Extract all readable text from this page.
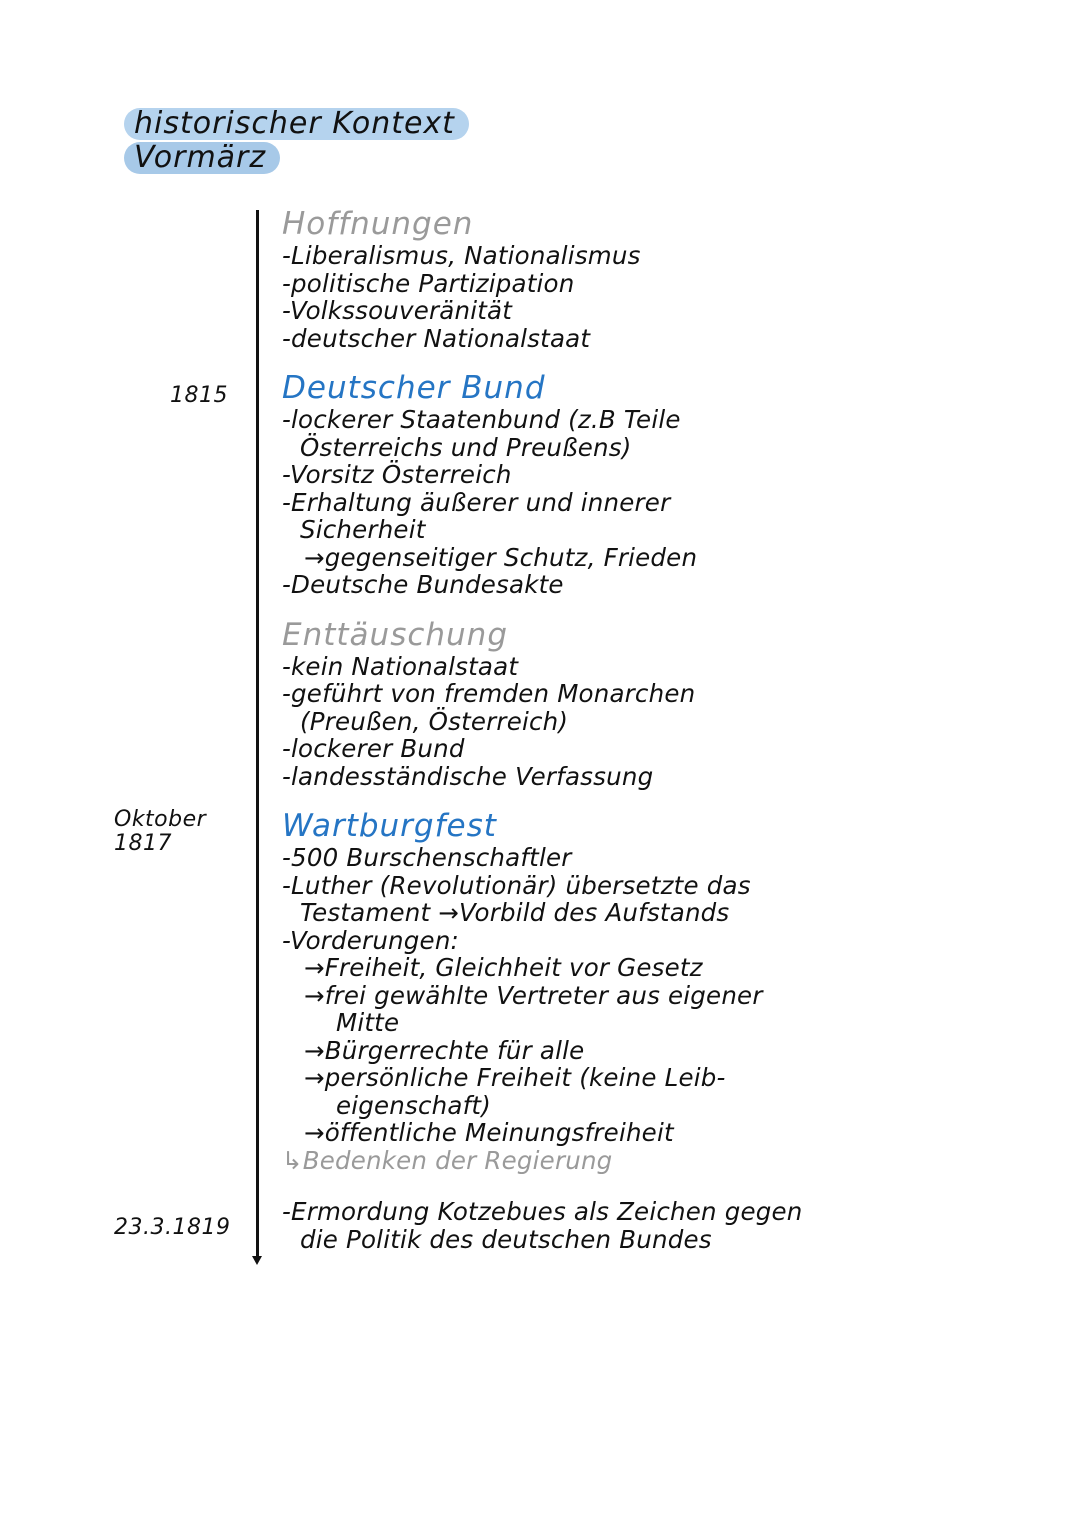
historischer Kontext
Vormärz
1815
Oktober
1817
23.3.1819
Hoffnungen
-Liberalismus, Nationalismus
-politische Partizipation
-Volkssouveränität
-deutscher Nationalstaat
Deutscher Bund
-lockerer Staatenbund (z.B Teile
Österreichs und Preußens)
-Vorsitz Österreich
-Erhaltung äußerer und innerer
Sicherheit
→gegenseitiger Schutz, Frieden
-Deutsche Bundesakte
Enttäuschung
-kein Nationalstaat
-geführt von fremden Monarchen
(Preußen, Österreich)
-lockerer Bund
-landesständische Verfassung
Wartburgfest
-500 Burschenschaftler
-Luther (Revolutionär) übersetzte das
Testament →Vorbild des Aufstands
-Vorderungen:
→Freiheit, Gleichheit vor Gesetz
→frei gewählte Vertreter aus eigener
Mitte
→Bürgerrechte für alle
→persönliche Freiheit (keine Leib-
eigenschaft)
→öffentliche Meinungsfreiheit
↳Bedenken der Regierung
-Ermordung Kotzebues als Zeichen gegen
die Politik des deutschen Bundes
